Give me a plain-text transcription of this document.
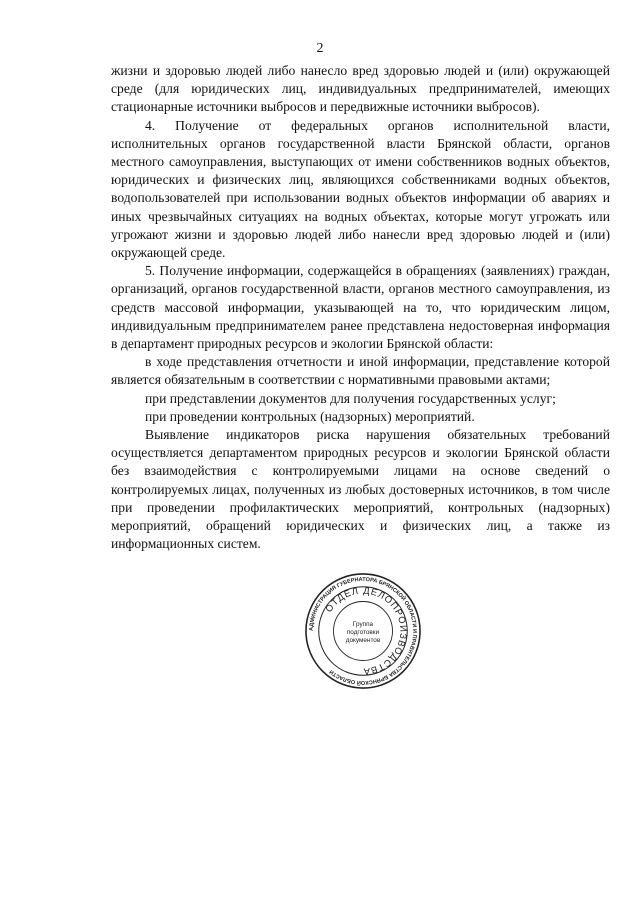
2

жизни и здоровью людей либо нанесло вред здоровью людей и (или) окружающей среде (для юридических лиц, индивидуальных предпринимателей, имеющих стационарные источники выбросов и передвижные источники выбросов).

4. Получение от федеральных органов исполнительной власти, исполнительных органов государственной власти Брянской области, органов местного самоуправления, выступающих от имени собственников водных объектов, юридических и физических лиц, являющихся собственниками водных объектов, водопользователей при использовании водных объектов информации об авариях и иных чрезвычайных ситуациях на водных объектах, которые могут угрожать или угрожают жизни и здоровью людей либо нанесли вред здоровью людей и (или) окружающей среде.

5. Получение информации, содержащейся в обращениях (заявлениях) граждан, организаций, органов государственной власти, органов местного самоуправления, из средств массовой информации, указывающей на то, что юридическим лицом, индивидуальным предпринимателем ранее представлена недостоверная информация в департамент природных ресурсов и экологии Брянской области:

в ходе представления отчетности и иной информации, представление которой является обязательным в соответствии с нормативными правовыми актами;

при представлении документов для получения государственных услуг;

при проведении контрольных (надзорных) мероприятий.

Выявление индикаторов риска нарушения обязательных требований осуществляется департаментом природных ресурсов и экологии Брянской области без взаимодействия с контролируемыми лицами на основе сведений о контролируемых лицах, полученных из любых достоверных источников, в том числе при проведении профилактических мероприятий, контрольных (надзорных) мероприятий, обращений юридических и физических лиц, а также из информационных систем.

АДМИНИСТРАЦИЯ ГУБЕРНАТОРА БРЯНСКОЙ ОБЛАСТИ И ПРАВИТЕЛЬСТВА БРЯНСКОЙ ОБЛАСТИ
ОТДЕЛ ДЕЛОПРОИЗВОДСТВА
Группа
подготовки
документов
